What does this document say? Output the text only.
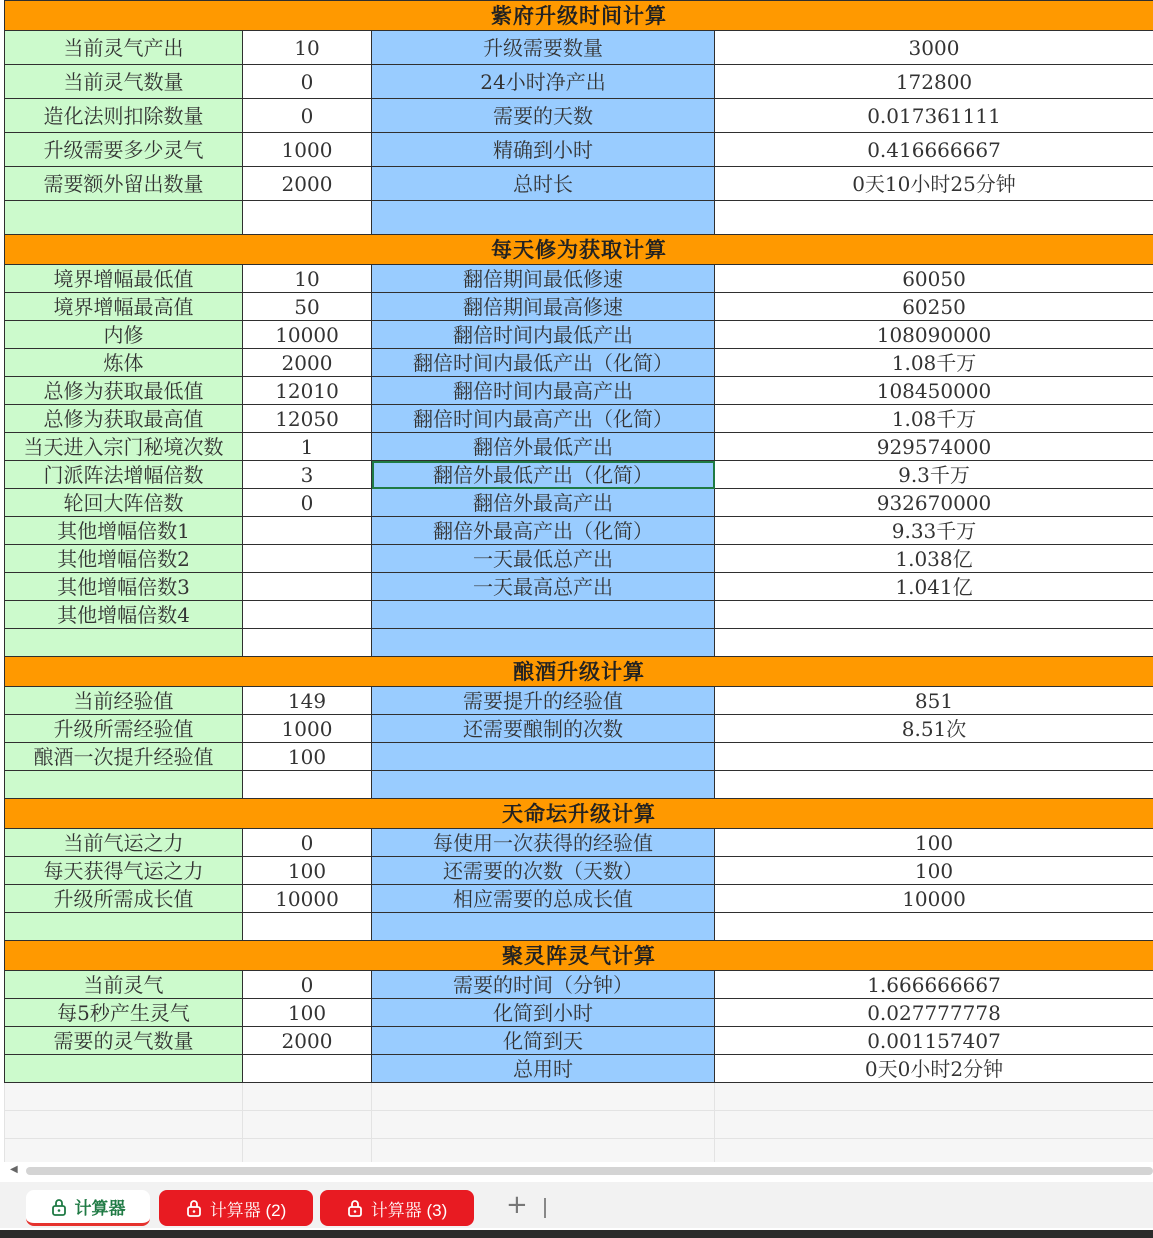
紫府升级时间计算			
当前灵气产出	10	升级需要数量	3000
当前灵气数量	0	24小时净产出	172800
造化法则扣除数量	0	需要的天数	0.017361111
升级需要多少灵气	1000	精确到小时	0.416666667
需要额外留出数量	2000	总时长	0天10小时25分钟

每天修为获取计算			
境界增幅最低值	10	翻倍期间最低修速	60050
境界增幅最高值	50	翻倍期间最高修速	60250
内修	10000	翻倍时间内最低产出	108090000
炼体	2000	翻倍时间内最低产出（化简）	1.08千万
总修为获取最低值	12010	翻倍时间内最高产出	108450000
总修为获取最高值	12050	翻倍时间内最高产出（化简）	1.08千万
当天进入宗门秘境次数	1	翻倍外最低产出	929574000
门派阵法增幅倍数	3	翻倍外最低产出（化简）	9.3千万
轮回大阵倍数	0	翻倍外最高产出	932670000
其他增幅倍数1		翻倍外最高产出（化简）	9.33千万
其他增幅倍数2		一天最低总产出	1.038亿
其他增幅倍数3		一天最高总产出	1.041亿
其他增幅倍数4			

酿酒升级计算			
当前经验值	149	需要提升的经验值	851
升级所需经验值	1000	还需要酿制的次数	8.51次
酿酒一次提升经验值	100		

天命坛升级计算			
当前气运之力	0	每使用一次获得的经验值	100
每天获得气运之力	100	还需要的次数（天数）	100
升级所需成长值	10000	相应需要的总成长值	10000

聚灵阵灵气计算			
当前灵气	0	需要的时间（分钟）	1.666666667
每5秒产生灵气	100	化简到小时	0.027777778
需要的灵气数量	2000	化简到天	0.001157407
		总用时	0天0小时2分钟

◀
计算器	计算器 (2)	计算器 (3) +
